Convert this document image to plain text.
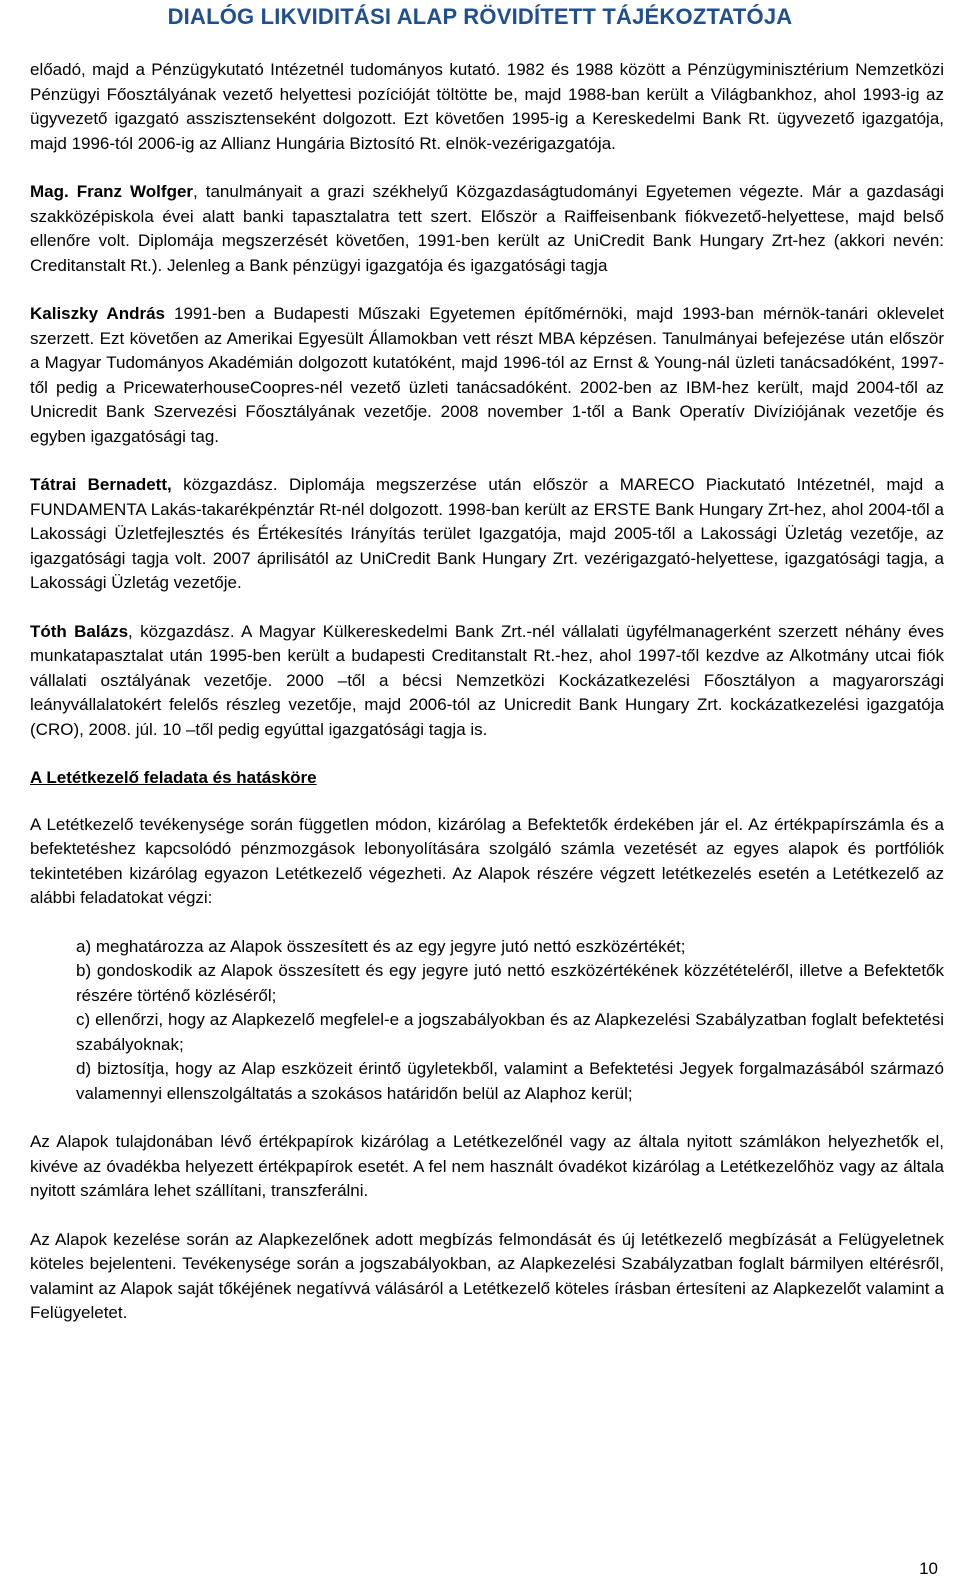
DIALÓG LIKVIDITÁSI ALAP RÖVIDÍTETT TÁJÉKOZTATÓJA

előadó, majd a Pénzügykutató Intézetnél tudományos kutató. 1982 és 1988 között a Pénzügyminisztérium Nemzetközi Pénzügyi Főosztályának vezető helyettesi pozícióját töltötte be, majd 1988-ban került a Világbankhoz, ahol 1993-ig az ügyvezető igazgató asszisztenseként dolgozott. Ezt követően 1995-ig a Kereskedelmi Bank Rt. ügyvezető igazgatója, majd 1996-tól 2006-ig az Allianz Hungária Biztosító Rt. elnök-vezérigazgatója.

Mag. Franz Wolfger, tanulmányait a grazi székhelyű Közgazdaságtudományi Egyetemen végezte. Már a gazdasági szakközépiskola évei alatt banki tapasztalatra tett szert. Először a Raiffeisenbank fiókvezető-helyettese, majd belső ellenőre volt. Diplomája megszerzését követően, 1991-ben került az UniCredit Bank Hungary Zrt-hez (akkori nevén: Creditanstalt Rt.). Jelenleg a Bank pénzügyi igazgatója és igazgatósági tagja

Kaliszky András 1991-ben a Budapesti Műszaki Egyetemen építőmérnöki, majd 1993-ban mérnök-tanári oklevelet szerzett. Ezt követően az Amerikai Egyesült Államokban vett részt MBA képzésen. Tanulmányai befejezése után először a Magyar Tudományos Akadémián dolgozott kutatóként, majd 1996-tól az Ernst & Young-nál üzleti tanácsadóként, 1997-től pedig a PricewaterhouseCoopres-nél vezető üzleti tanácsadóként. 2002-ben az IBM-hez került, majd 2004-től az Unicredit Bank Szervezési Főosztályának vezetője. 2008 november 1-től a Bank Operatív Divíziójának vezetője és egyben igazgatósági tag.

Tátrai Bernadett, közgazdász. Diplomája megszerzése után először a MARECO Piackutató Intézetnél, majd a FUNDAMENTA Lakás-takarékpénztár Rt-nél dolgozott. 1998-ban került az ERSTE Bank Hungary Zrt-hez, ahol 2004-től a Lakossági Üzletfejlesztés és Értékesítés Irányítás terület Igazgatója, majd 2005-től a Lakossági Üzletág vezetője, az igazgatósági tagja volt. 2007 áprilisától az UniCredit Bank Hungary Zrt. vezérigazgató-helyettese, igazgatósági tagja, a Lakossági Üzletág vezetője.

Tóth Balázs, közgazdász. A Magyar Külkereskedelmi Bank Zrt.-nél vállalati ügyfélmanagerként szerzett néhány éves munkatapasztalat után 1995-ben került a budapesti Creditanstalt Rt.-hez, ahol 1997-től kezdve az Alkotmány utcai fiók vállalati osztályának vezetője. 2000 –től a bécsi Nemzetközi Kockázatkezelési Főosztályon a magyarországi leányvállalatokért felelős részleg vezetője, majd 2006-tól az Unicredit Bank Hungary Zrt. kockázatkezelési igazgatója (CRO), 2008. júl. 10 –től pedig egyúttal igazgatósági tagja is.

A Letétkezelő feladata és hatásköre

A Letétkezelő tevékenysége során független módon, kizárólag a Befektetők érdekében jár el. Az értékpapírszámla és a befektetéshez kapcsolódó pénzmozgások lebonyolítására szolgáló számla vezetését az egyes alapok és portfóliók tekintetében kizárólag egyazon Letétkezelő végezheti. Az Alapok részére végzett letétkezelés esetén a Letétkezelő az alábbi feladatokat végzi:

a) meghatározza az Alapok összesített és az egy jegyre jutó nettó eszközértékét;

b) gondoskodik az Alapok összesített és egy jegyre jutó nettó eszközértékének közzétételéről, illetve a Befektetők részére történő közléséről;

c) ellenőrzi, hogy az Alapkezelő megfelel-e a jogszabályokban és az Alapkezelési Szabályzatban foglalt befektetési szabályoknak;

d) biztosítja, hogy az Alap eszközeit érintő ügyletekből, valamint a Befektetési Jegyek forgalmazásából származó valamennyi ellenszolgáltatás a szokásos határidőn belül az Alaphoz kerül;

Az Alapok tulajdonában lévő értékpapírok kizárólag a Letétkezelőnél vagy az általa nyitott számlákon helyezhetők el, kivéve az óvadékba helyezett értékpapírok esetét. A fel nem használt óvadékot kizárólag a Letétkezelőhöz vagy az általa nyitott számlára lehet szállítani, transzferálni.

Az Alapok kezelése során az Alapkezelőnek adott megbízás felmondását és új letétkezelő megbízását a Felügyeletnek köteles bejelenteni. Tevékenysége során a jogszabályokban, az Alapkezelési Szabályzatban foglalt bármilyen eltérésről, valamint az Alapok saját tőkéjének negatívvá válásáról a Letétkezelő köteles írásban értesíteni az Alapkezelőt valamint a Felügyeletet.

10
